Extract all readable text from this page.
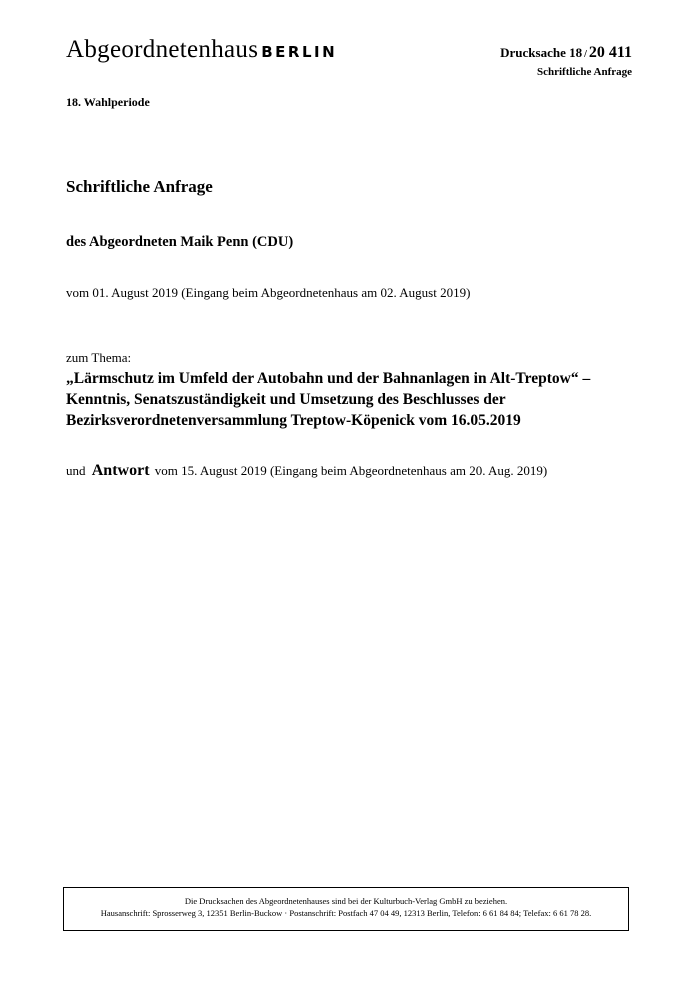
Abgeordnetenhaus BERLIN	Drucksache 18 / 20 411
Schriftliche Anfrage
18. Wahlperiode
Schriftliche Anfrage
des Abgeordneten Maik Penn (CDU)
vom 01. August 2019 (Eingang beim Abgeordnetenhaus am 02. August 2019)
zum Thema:
„Lärmschutz im Umfeld der Autobahn und der Bahnanlagen in Alt-Treptow“ –
Kenntnis, Senatszuständigkeit und Umsetzung des Beschlusses der
Bezirksverordnetenversammlung Treptow-Köpenick vom 16.05.2019
und Antwort vom 15. August 2019 (Eingang beim Abgeordnetenhaus am 20. Aug. 2019)
Die Drucksachen des Abgeordnetenhauses sind bei der Kulturbuch-Verlag GmbH zu beziehen.
Hausanschrift: Sprosserweg 3, 12351 Berlin-Buckow · Postanschrift: Postfach 47 04 49, 12313 Berlin, Telefon: 6 61 84 84; Telefax: 6 61 78 28.
